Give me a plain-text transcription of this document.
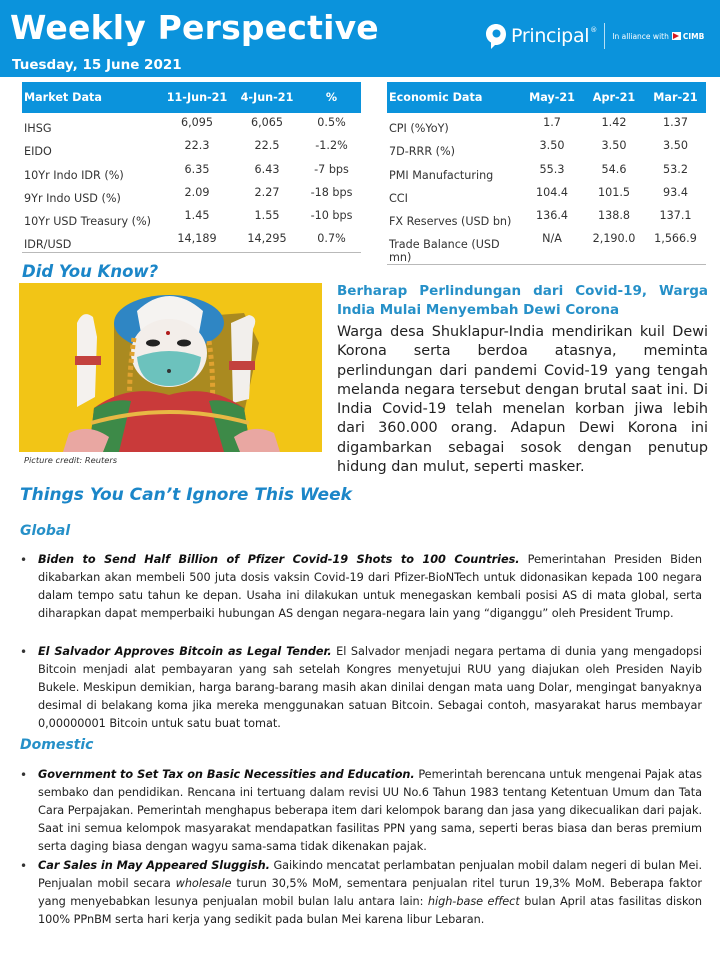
Weekly Perspective
Tuesday, 15 June 2021
Principal ®
In alliance with CIMB
Market Data	11-Jun-21	4-Jun-21	%
IHSG	6,095	6,065	0.5%
EIDO	22.3	22.5	-1.2%
10Yr Indo IDR (%)	6.35	6.43	-7 bps
9Yr Indo USD (%)	2.09	2.27	-18 bps
10Yr USD Treasury (%)	1.45	1.55	-10 bps
IDR/USD	14,189	14,295	0.7%
Economic Data	May-21	Apr-21	Mar-21
CPI (%YoY)	1.7	1.42	1.37
7D-RRR (%)	3.50	3.50	3.50
PMI Manufacturing	55.3	54.6	53.2
CCI	104.4	101.5	93.4
FX Reserves (USD bn)	136.4	138.8	137.1
Trade Balance (USD mn)	N/A	2,190.0	1,566.9
Did You Know?
Picture credit: Reuters
Berharap Perlindungan dari Covid-19, Warga India Mulai Menyembah Dewi Corona
Warga desa Shuklapur-India mendirikan kuil Dewi Korona serta berdoa atasnya, meminta perlindungan dari pandemi Covid-19 yang tengah melanda negara tersebut dengan brutal saat ini. Di India Covid-19 telah menelan korban jiwa lebih dari 360.000 orang. Adapun Dewi Korona ini digambarkan sebagai sosok dengan penutup hidung dan mulut, seperti masker.
Things You Can’t Ignore This Week
Global
• Biden to Send Half Billion of Pfizer Covid-19 Shots to 100 Countries. Pemerintahan Presiden Biden dikabarkan akan membeli 500 juta dosis vaksin Covid-19 dari Pfizer-BioNTech untuk didonasikan kepada 100 negara dalam tempo satu tahun ke depan. Usaha ini dilakukan untuk menegaskan kembali posisi AS di mata global, serta diharapkan dapat memperbaiki hubungan AS dengan negara-negara lain yang “diganggu” oleh President Trump.
• El Salvador Approves Bitcoin as Legal Tender. El Salvador menjadi negara pertama di dunia yang mengadopsi Bitcoin menjadi alat pembayaran yang sah setelah Kongres menyetujui RUU yang diajukan oleh Presiden Nayib Bukele. Meskipun demikian, harga barang-barang masih akan dinilai dengan mata uang Dolar, mengingat banyaknya desimal di belakang koma jika mereka menggunakan satuan Bitcoin. Sebagai contoh, masyarakat harus membayar 0,00000001 Bitcoin untuk satu buat tomat.
Domestic
• Government to Set Tax on Basic Necessities and Education. Pemerintah berencana untuk mengenai Pajak atas sembako dan pendidikan. Rencana ini tertuang dalam revisi UU No.6 Tahun 1983 tentang Ketentuan Umum dan Tata Cara Perpajakan. Pemerintah menghapus beberapa item dari kelompok barang dan jasa yang dikecualikan dari pajak. Saat ini semua kelompok masyarakat mendapatkan fasilitas PPN yang sama, seperti beras biasa dan beras premium serta daging biasa dengan wagyu sama-sama tidak dikenakan pajak.
• Car Sales in May Appeared Sluggish. Gaikindo mencatat perlambatan penjualan mobil dalam negeri di bulan Mei. Penjualan mobil secara wholesale turun 30,5% MoM, sementara penjualan ritel turun 19,3% MoM. Beberapa faktor yang menyebabkan lesunya penjualan mobil bulan lalu antara lain: high-base effect bulan April atas fasilitas diskon 100% PPnBM serta hari kerja yang sedikit pada bulan Mei karena libur Lebaran.
